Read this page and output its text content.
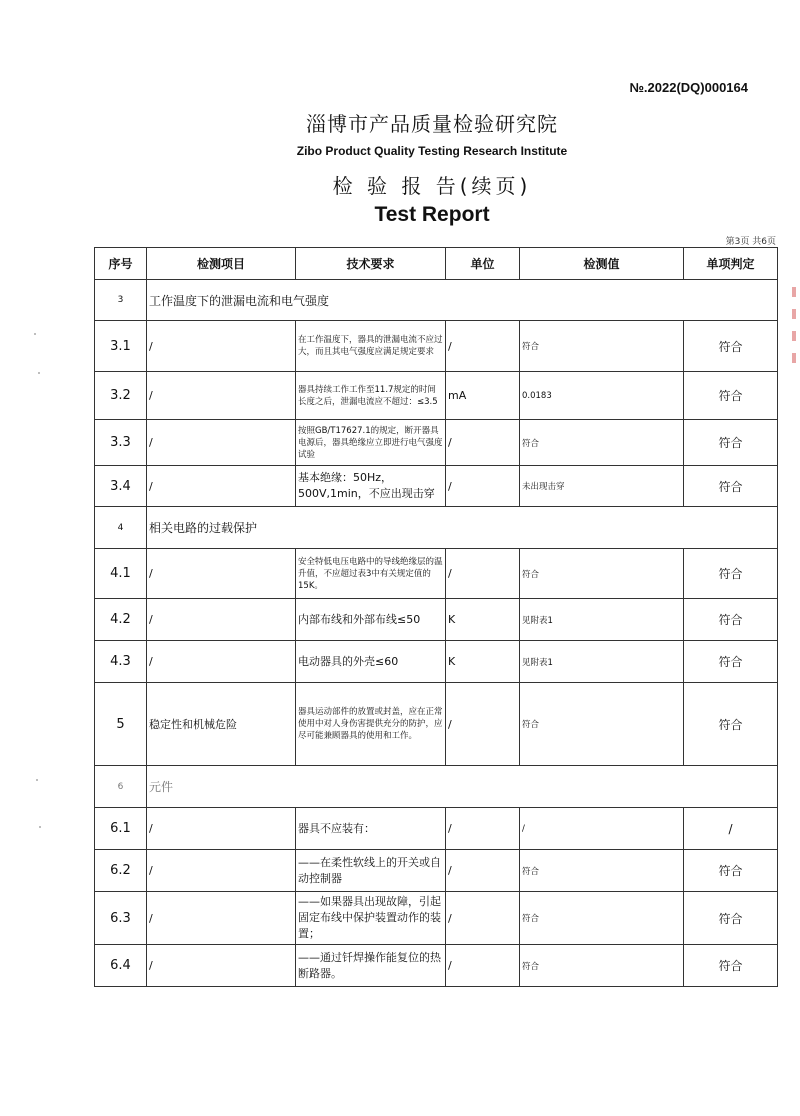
№.2022(DQ)000164
淄博市产品质量检验研究院
Zibo Product Quality Testing Research Institute
检 验 报 告(续页)
Test Report
第3页 共6页
序号	检测项目	技术要求	单位	检测值	单项判定
3	工作温度下的泄漏电流和电气强度				
3.1	/	在工作温度下，器具的泄漏电流不应过大，而且其电气强度应满足规定要求	/	符合	符合
3.2	/	器具持续工作工作至11.7规定的时间长度之后，泄漏电流应不超过：≤3.5	mA	0.0183	符合
3.3	/	按照GB/T17627.1的规定，断开器具电源后，器具绝缘应立即进行电气强度试验	/	符合	符合
3.4	/	基本绝缘：50Hz，500V,1min，不应出现击穿	/	未出现击穿	符合
4	相关电路的过载保护				
4.1	/	安全特低电压电路中的导线绝缘层的温升值，不应超过表3中有关规定值的15K。	/	符合	符合
4.2	/	内部布线和外部布线≤50	K	见附表1	符合
4.3	/	电动器具的外壳≤60	K	见附表1	符合
5	稳定性和机械危险	器具运动部件的放置或封盖，应在正常使用中对人身伤害提供充分的防护，应尽可能兼顾器具的使用和工作。	/	符合	符合
6	元件				
6.1	/	器具不应装有：	/	/	/
6.2	/	——在柔性软线上的开关或自动控制器	/	符合	符合
6.3	/	——如果器具出现故障，引起固定布线中保护装置动作的装置；	/	符合	符合
6.4	/	——通过钎焊操作能复位的热断路器。	/	符合	符合
